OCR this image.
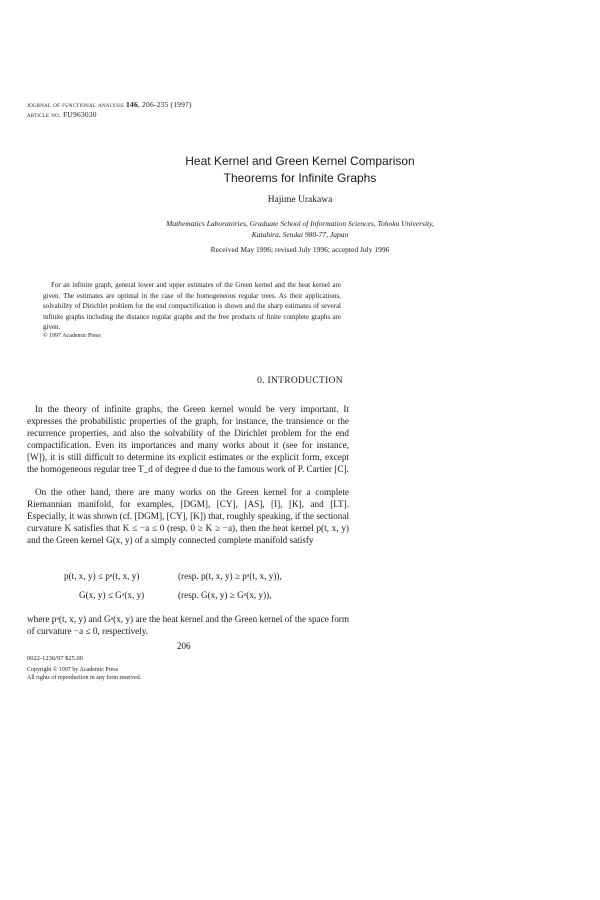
journal of functional analysis 146, 206-235 (1997)
article no. FU963030
Heat Kernel and Green Kernel Comparison
Theorems for Infinite Graphs
Hajime Urakawa
Mathematics Laboratories, Graduate School of Information Sciences, Tohoku University,
Katahira, Sendai 980-77, Japan
Received May 1996; revised July 1996; accepted July 1996
For an infinite graph, general lower and upper estimates of the Green kernel and the heat kernel are given. The estimates are optimal in the case of the homogeneous regular trees. As their applications, solvability of Dirichlet problem for the end compactification is shown and the sharp estimates of several infinite graphs including the distance regular graphs and the free products of finite complete graphs are given.
© 1997 Academic Press
0. INTRODUCTION

In the theory of infinite graphs, the Green kernel would be very important. It expresses the probabilistic properties of the graph, for instance, the transience or the recurrence properties, and also the solvability of the Dirichlet problem for the end compactification. Even its importances and many works about it (see for instance, [W]), it is still difficult to determine its explicit estimates or the explicit form, except the homogeneous regular tree T_d of degree d due to the famous work of P. Cartier [C].

On the other hand, there are many works on the Green kernel for a complete Riemannian manifold, for examples, [DGM], [CY], [AS], [I], [K], and [LT]. Especially, it was shown (cf. [DGM], [CY], [K]) that, roughly speaking, if the sectional curvature K satisfies that K ≤ −a ≤ 0 (resp. 0 ≥ K ≥ −a), then the heat kernel p(t, x, y) and the Green kernel G(x, y) of a simply connected complete manifold satisfy

p(t, x, y) ≤ pᵃ(t, x, y)	(resp. p(t, x, y) ≥ pᵃ(t, x, y)),
G(x, y) ≤ Gᵃ(x, y)	(resp. G(x, y) ≥ Gᵃ(x, y)),

where pᵃ(t, x, y) and Gᵃ(x, y) are the heat kernel and the Green kernel of the space form of curvature −a ≤ 0, respectively.

206
0022-1236/97 $25.00
Copyright © 1997 by Academic Press
All rights of reproduction in any form reserved.
